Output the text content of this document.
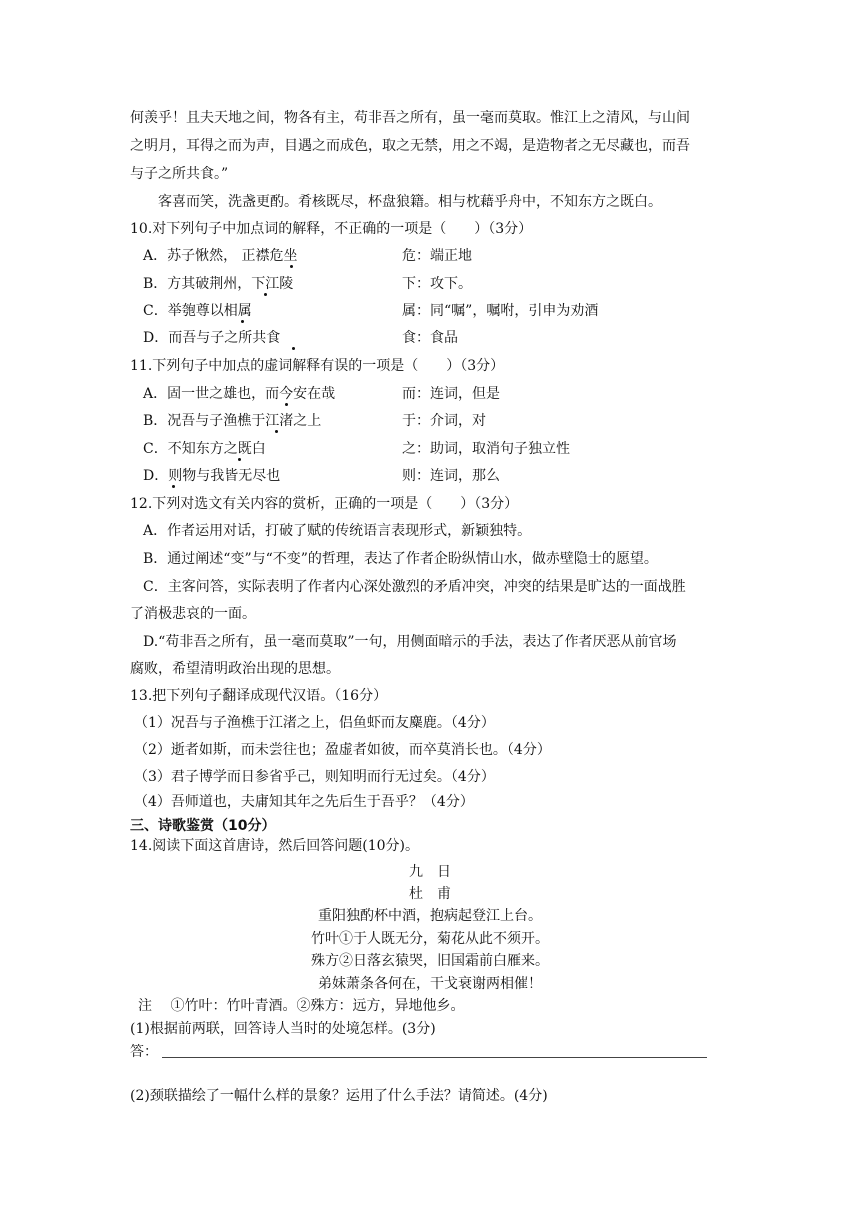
何羡乎！且夫天地之间，物各有主，苟非吾之所有，虽一毫而莫取。惟江上之清风，与山间
之明月，耳得之而为声，目遇之而成色，取之无禁，用之不竭，是造物者之无尽藏也，而吾
与子之所共食。”
客喜而笑，洗盏更酌。肴核既尽，杯盘狼籍。相与枕藉乎舟中，不知东方之既白。
10.对下列句子中加点词的解释，不正确的一项是（　　）（3分）
A．苏子愀然， 正襟危坐	危：端正地
B．方其破荆州，下江陵	下：攻下。
C．举匏尊以相属	属：同“嘱”，嘱咐，引申为劝酒
D．而吾与子之所共食	食：食品
11.下列句子中加点的虚词解释有误的一项是（　　）（3分）
A．固一世之雄也，而今安在哉	而：连词，但是
B．况吾与子渔樵于江渚之上	于：介词，对
C．不知东方之既白	之：助词，取消句子独立性
D．则物与我皆无尽也	则：连词，那么
12.下列对选文有关内容的赏析，正确的一项是（　　）（3分）
A．作者运用对话，打破了赋的传统语言表现形式，新颖独特。
B．通过阐述“变”与“不变”的哲理，表达了作者企盼纵情山水，做赤壁隐士的愿望。
C．主客问答，实际表明了作者内心深处激烈的矛盾冲突，冲突的结果是旷达的一面战胜
了消极悲哀的一面。
D.“苟非吾之所有，虽一毫而莫取”一句，用侧面暗示的手法，表达了作者厌恶从前官场
腐败，希望清明政治出现的思想。
13.把下列句子翻译成现代汉语。（16分）
（1）况吾与子渔樵于江渚之上，侣鱼虾而友麋鹿。（4分）
（2）逝者如斯，而未尝往也；盈虚者如彼，而卒莫消长也。（4分）
（3）君子博学而日参省乎己，则知明而行无过矣。（4分）
（4）吾师道也，夫庸知其年之先后生于吾乎？（4分）
三、诗歌鉴赏（10分）
14.阅读下面这首唐诗，然后回答问题(10分)。
九　日
杜　甫
重阳独酌杯中酒，抱病起登江上台。
竹叶①于人既无分，菊花从此不须开。
殊方②日落玄猿哭，旧国霜前白雁来。
弟妹萧条各何在，干戈衰谢两相催！
注　 ①竹叶：竹叶青酒。②殊方：远方，异地他乡。
(1)根据前两联，回答诗人当时的处境怎样。(3分)
答：
(2)颈联描绘了一幅什么样的景象？运用了什么手法？请简述。(4分)
